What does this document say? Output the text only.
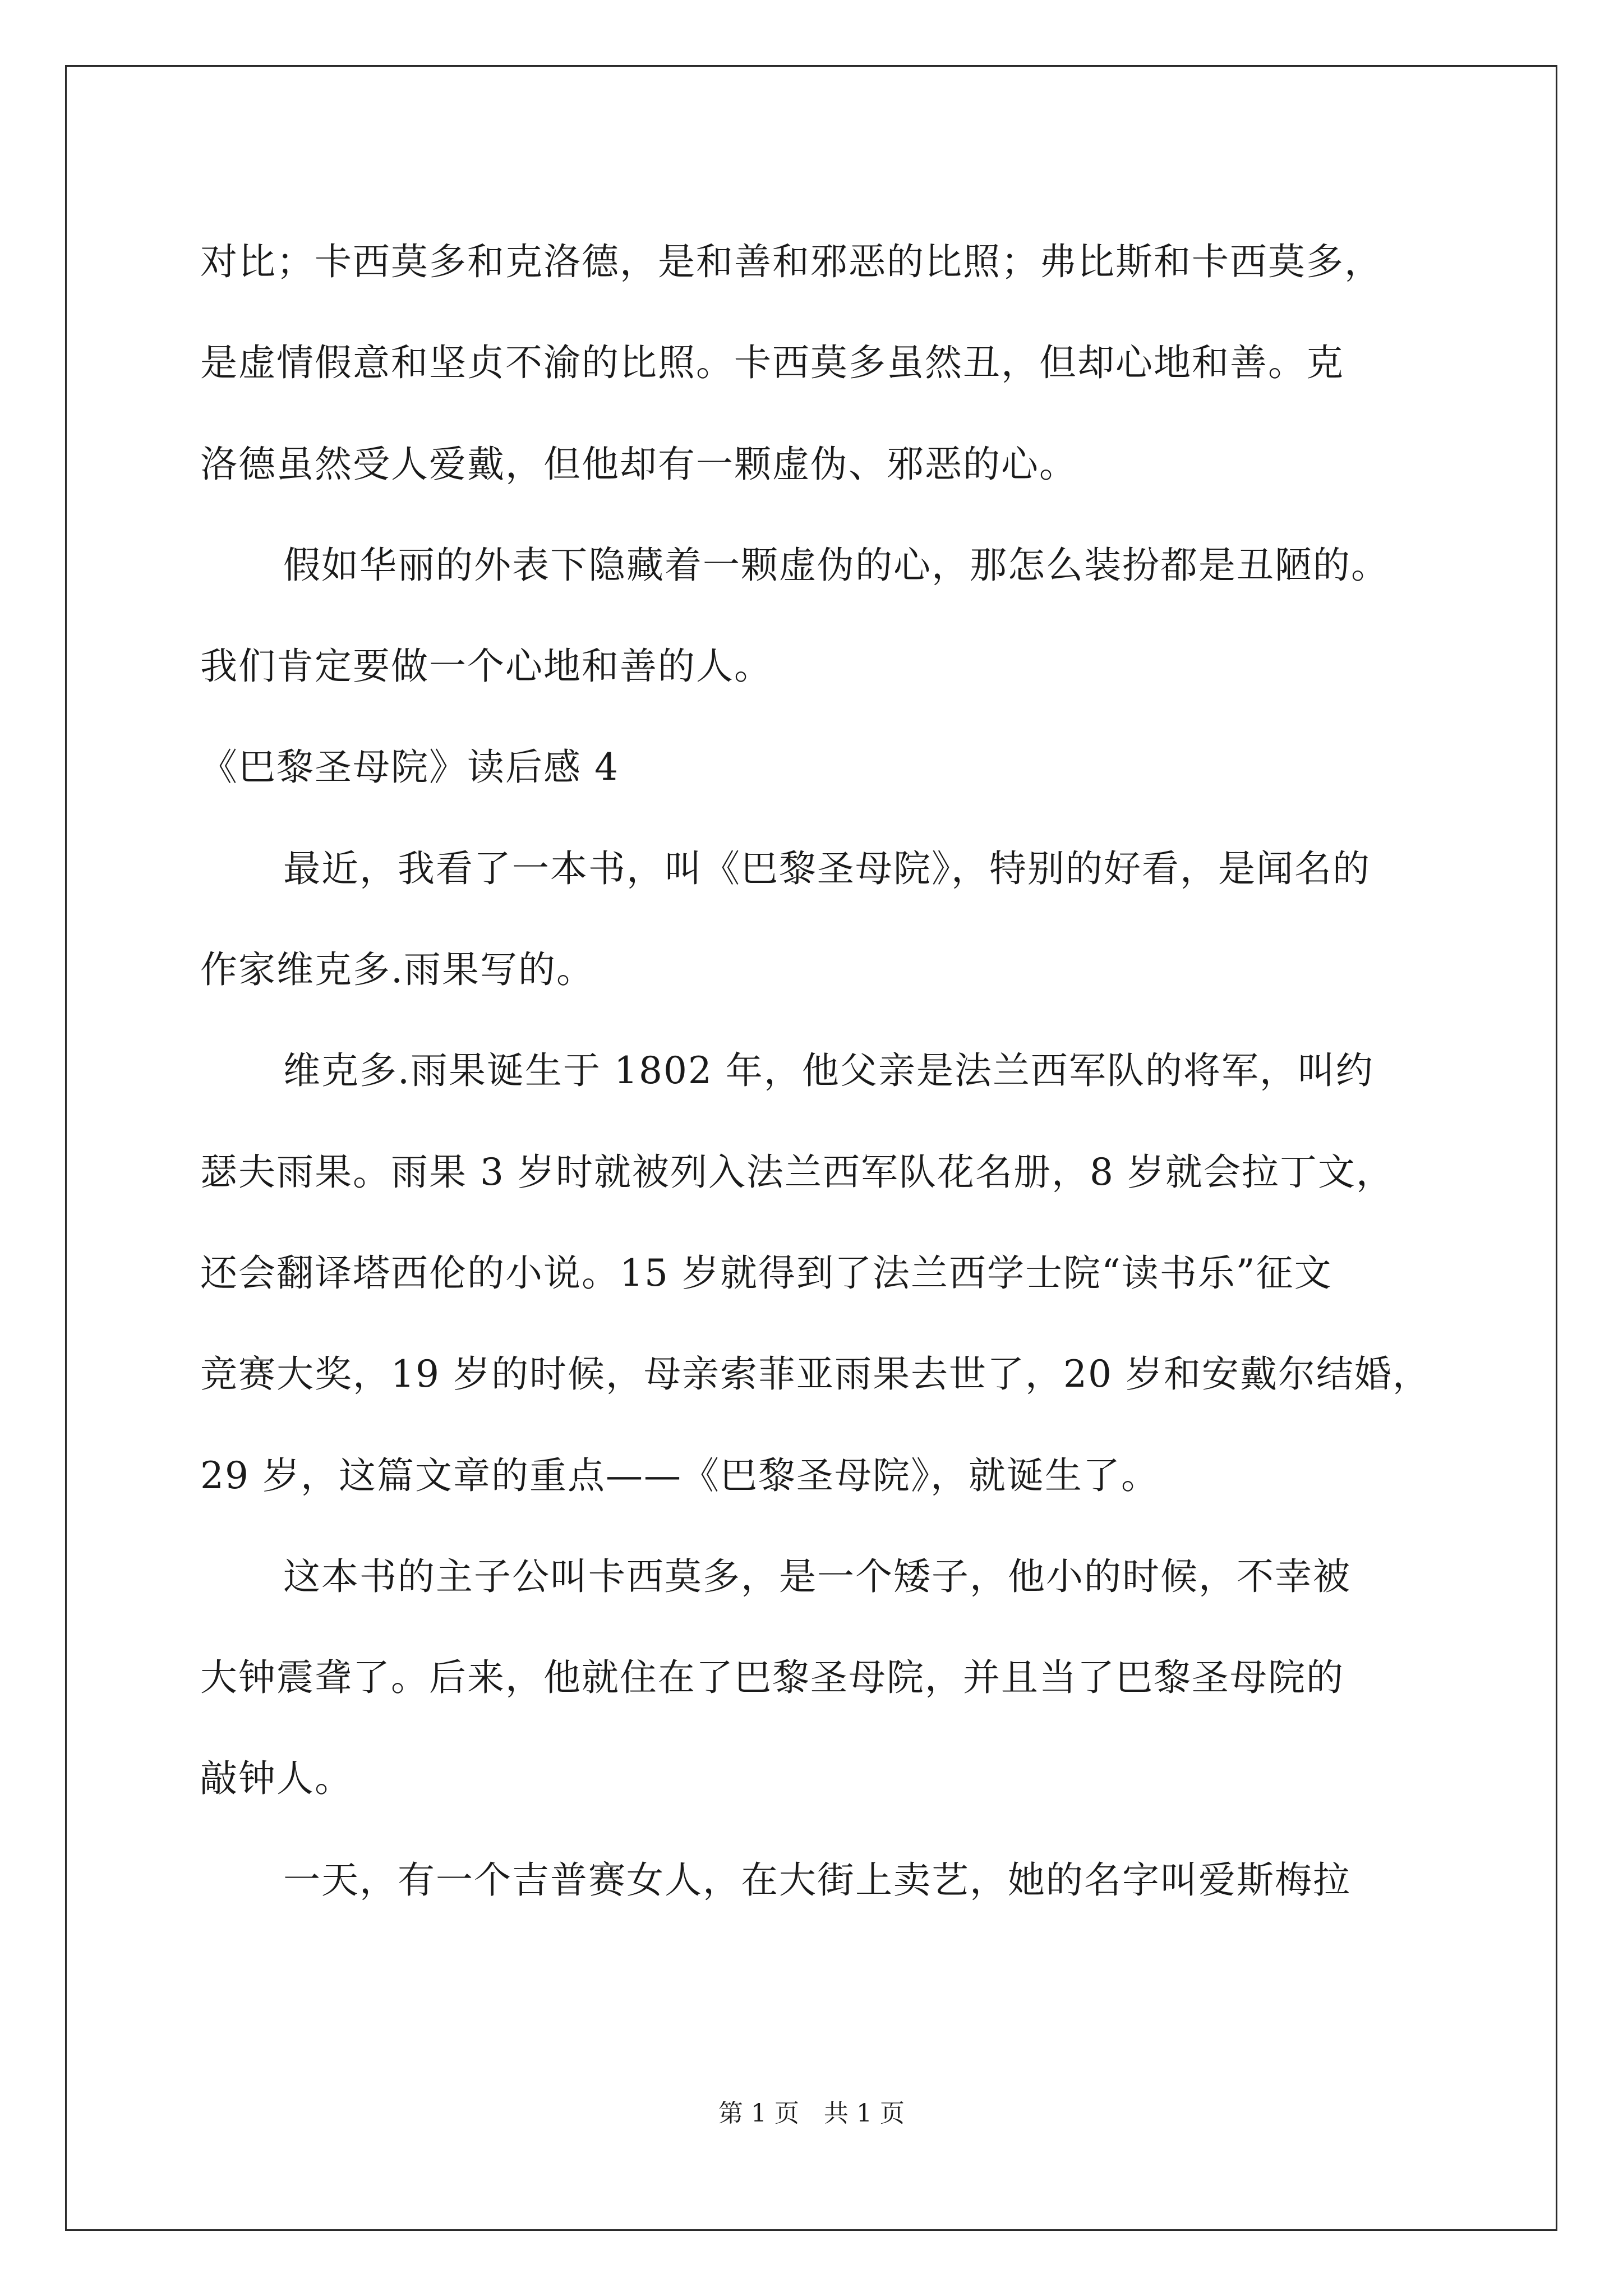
对比；卡西莫多和克洛德，是和善和邪恶的比照；弗比斯和卡西莫多，
是虚情假意和坚贞不渝的比照。卡西莫多虽然丑，但却心地和善。克
洛德虽然受人爱戴，但他却有一颗虚伪、邪恶的心。
假如华丽的外表下隐藏着一颗虚伪的心，那怎么装扮都是丑陋的。
我们肯定要做一个心地和善的人。
《巴黎圣母院》读后感 4
最近，我看了一本书，叫《巴黎圣母院》，特别的好看，是闻名的
作家维克多.雨果写的。
维克多.雨果诞生于 1802 年，他父亲是法兰西军队的将军，叫约
瑟夫雨果。雨果 3 岁时就被列入法兰西军队花名册，8 岁就会拉丁文，
还会翻译塔西伦的小说。15 岁就得到了法兰西学士院“读书乐”征文
竞赛大奖，19 岁的时候，母亲索菲亚雨果去世了，20 岁和安戴尔结婚，
29 岁，这篇文章的重点——《巴黎圣母院》，就诞生了。
这本书的主子公叫卡西莫多，是一个矮子，他小的时候，不幸被
大钟震聋了。后来，他就住在了巴黎圣母院，并且当了巴黎圣母院的
敲钟人。
一天，有一个吉普赛女人，在大街上卖艺，她的名字叫爱斯梅拉
第 1 页　共 1 页
